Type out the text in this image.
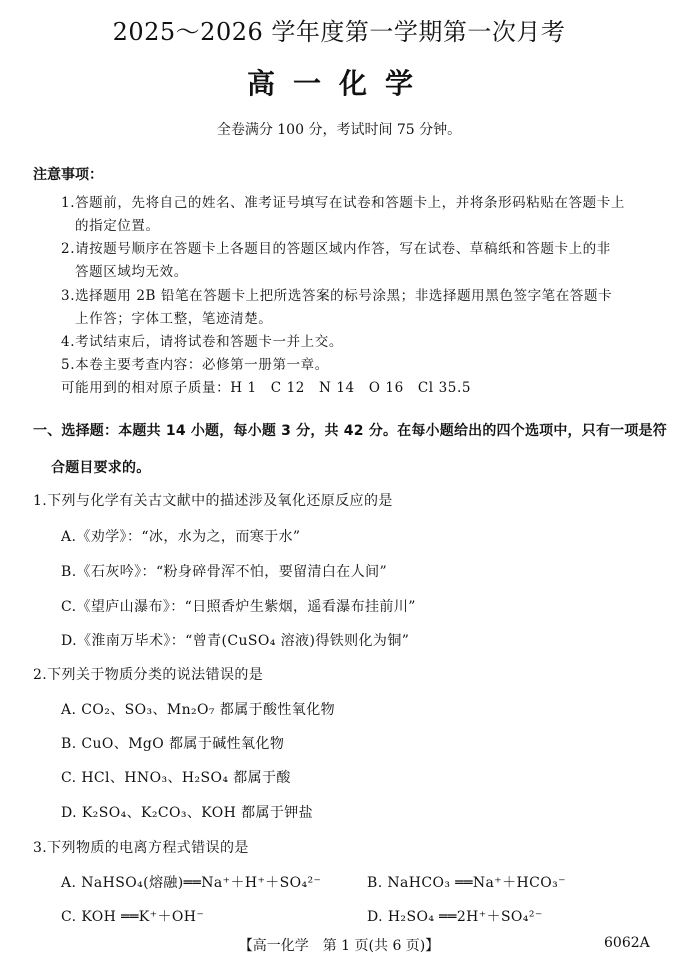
2025～2026 学年度第一学期第一次月考
高一化学
全卷满分 100 分，考试时间 75 分钟。
注意事项：
1.答题前，先将自己的姓名、准考证号填写在试卷和答题卡上，并将条形码粘贴在答题卡上
的指定位置。
2.请按题号顺序在答题卡上各题目的答题区域内作答，写在试卷、草稿纸和答题卡上的非
答题区域均无效。
3.选择题用 2B 铅笔在答题卡上把所选答案的标号涂黑；非选择题用黑色签字笔在答题卡
上作答；字体工整，笔迹清楚。
4.考试结束后，请将试卷和答题卡一并上交。
5.本卷主要考查内容：必修第一册第一章。
可能用到的相对原子质量：H 1　C 12　N 14　O 16　Cl 35.5
一、选择题：本题共 14 小题，每小题 3 分，共 42 分。在每小题给出的四个选项中，只有一项是符
合题目要求的。
1.下列与化学有关古文献中的描述涉及氧化还原反应的是
A.《劝学》：“冰，水为之，而寒于水”
B.《石灰吟》：“粉身碎骨浑不怕，要留清白在人间”
C.《望庐山瀑布》：“日照香炉生紫烟，遥看瀑布挂前川”
D.《淮南万毕术》：“曾青(CuSO₄ 溶液)得铁则化为铜”
2.下列关于物质分类的说法错误的是
A. CO₂、SO₃、Mn₂O₇ 都属于酸性氧化物
B. CuO、MgO 都属于碱性氧化物
C. HCl、HNO₃、H₂SO₄ 都属于酸
D. K₂SO₄、K₂CO₃、KOH 都属于钾盐
3.下列物质的电离方程式错误的是
A. NaHSO₄(熔融)══Na⁺＋H⁺＋SO₄²⁻	B. NaHCO₃ ══Na⁺＋HCO₃⁻
C. KOH ══K⁺＋OH⁻	D. H₂SO₄ ══2H⁺＋SO₄²⁻
【高一化学　第 1 页(共 6 页)】	6062A
